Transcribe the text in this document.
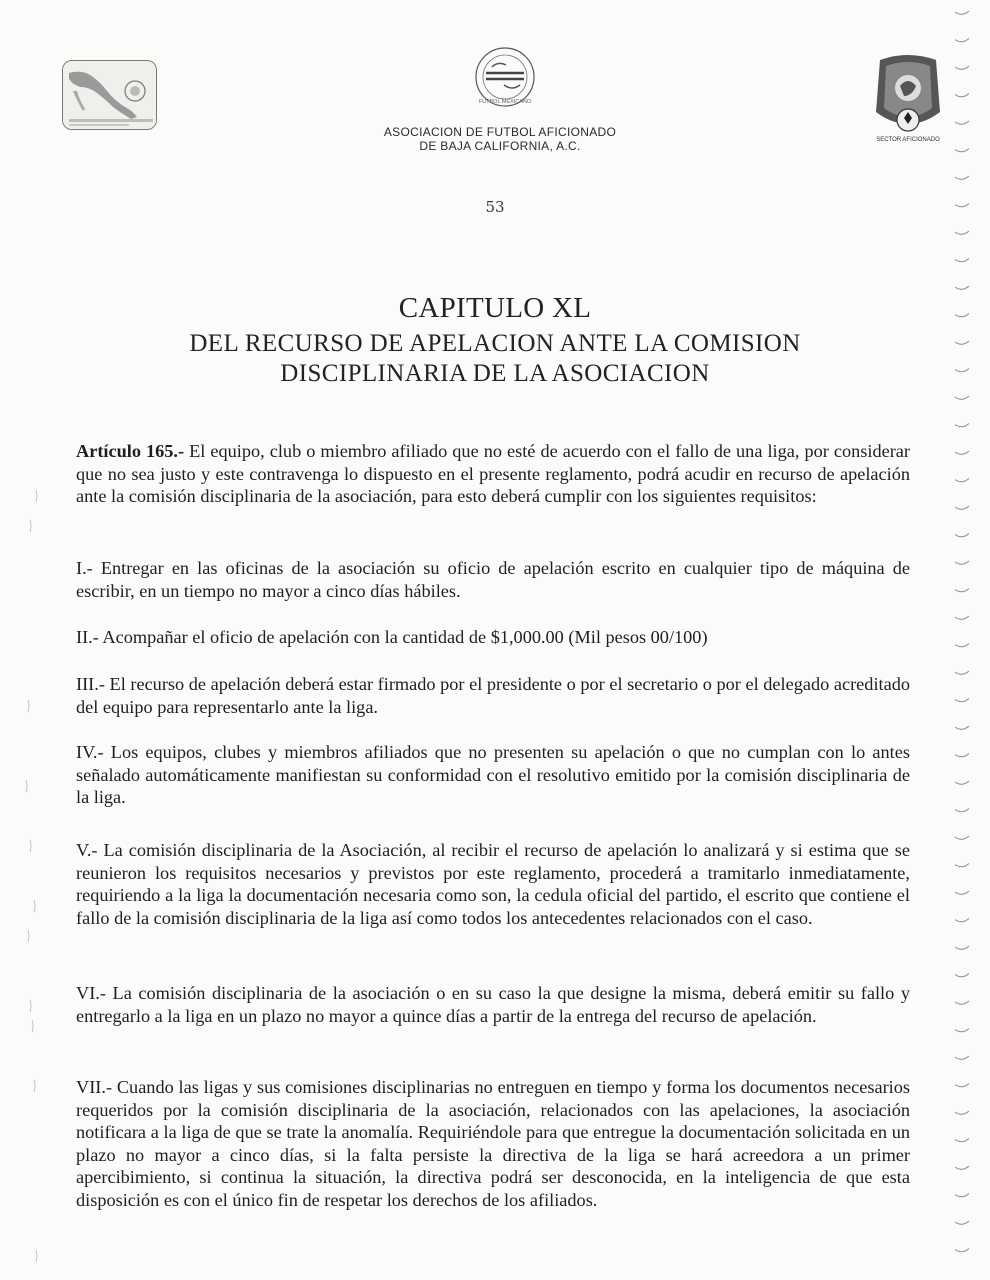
FUTBOL MEXICANO
SECTOR AFICIONADO
ASOCIACION DE FUTBOL AFICIONADO
DE BAJA CALIFORNIA, A.C.
53
CAPITULO XL
DEL RECURSO DE APELACION ANTE LA COMISION
DISCIPLINARIA DE LA ASOCIACION
Artículo 165.- El equipo, club o miembro afiliado que no esté de acuerdo con el fallo de una liga, por considerar que no sea justo y este contravenga lo dispuesto en el presente reglamento, podrá acudir en recurso de apelación ante la comisión disciplinaria de la asociación, para esto deberá cumplir con los siguientes requisitos:
I.- Entregar en las oficinas de la asociación su oficio de apelación escrito en cualquier tipo de máquina de escribir, en un tiempo no mayor a cinco días hábiles.
II.- Acompañar el oficio de apelación con la cantidad de $1,000.00 (Mil pesos 00/100)
III.- El recurso de apelación deberá estar firmado por el presidente o por el secretario o por el delegado acreditado del equipo para representarlo ante la liga.
IV.- Los equipos, clubes y miembros afiliados que no presenten su apelación o que no cumplan con lo antes señalado automáticamente manifiestan su conformidad con el resolutivo emitido por la comisión disciplinaria de la liga.
V.- La comisión disciplinaria de la Asociación, al recibir el recurso de apelación lo analizará y si estima que se reunieron los requisitos necesarios y previstos por este reglamento, procederá a tramitarlo inmediatamente, requiriendo a la liga la documentación necesaria como son, la cedula oficial del partido, el escrito que contiene el fallo de la comisión disciplinaria de la liga así como todos los antecedentes relacionados con el caso.
VI.- La comisión disciplinaria de la asociación o en su caso la que designe la misma, deberá emitir su fallo y entregarlo a la liga en un plazo no mayor a quince días a partir de la entrega del recurso de apelación.
VII.- Cuando las ligas y sus comisiones disciplinarias no entreguen en tiempo y forma los documentos necesarios requeridos por la comisión disciplinaria de la asociación, relacionados con las apelaciones, la asociación notificara a la liga de que se trate la anomalía. Requiriéndole para que entregue la documentación solicitada en un plazo no mayor a cinco días, si la falta persiste la directiva de la liga se hará acreedora a un primer apercibimiento, si continua la situación, la directiva podrá ser desconocida, en la inteligencia de que esta disposición es con el único fin de respetar los derechos de los afiliados.
